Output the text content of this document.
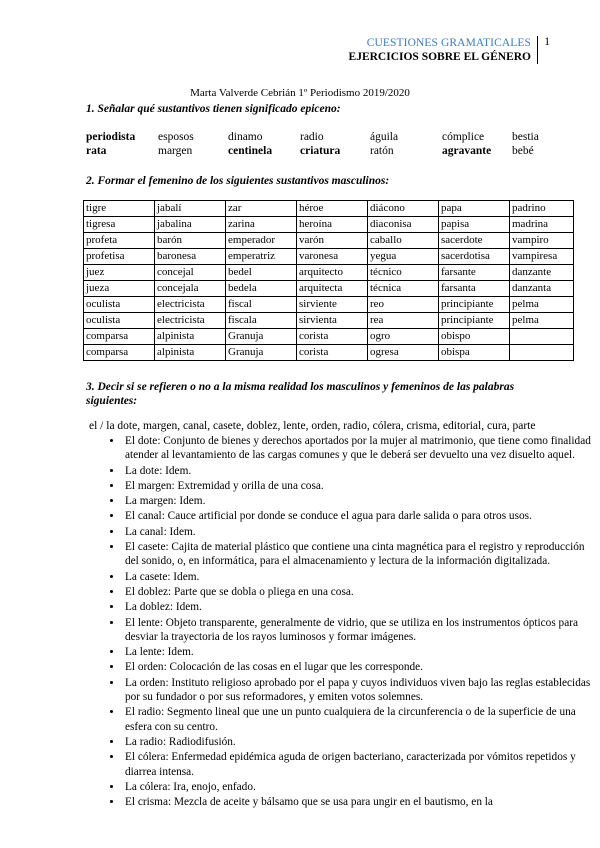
CUESTIONES GRAMATICALES
EJERCICIOS SOBRE EL GÉNERO
1
Marta Valverde Cebrián 1º Periodismo 2019/2020
1. Señalar qué sustantivos tienen significado epiceno:
periodista	esposos	dinamo	radio	águila	cómplice	bestia
rata	margen	centinela	criatura	ratón	agravante	bebé
2. Formar el femenino de los siguientes sustantivos masculinos:
tigre	jabalí	zar	héroe	diácono	papa	padrino
tigresa	jabalina	zarina	heroína	diaconisa	papisa	madrina
profeta	barón	emperador	varón	caballo	sacerdote	vampiro
profetisa	baronesa	emperatriz	varonesa	yegua	sacerdotisa	vampiresa
juez	concejal	bedel	arquitecto	técnico	farsante	danzante
jueza	concejala	bedela	arquitecta	técnica	farsanta	danzanta
oculista	electricista	fiscal	sirviente	reo	principiante	pelma
oculista	electricista	fiscala	sirvienta	rea	principiante	pelma
comparsa	alpinista	Granuja	corista	ogro	obispo	
comparsa	alpinista	Granuja	corista	ogresa	obispa	
3. Decir si se refieren o no a la misma realidad los masculinos y femeninos de las palabras siguientes:
el / la dote, margen, canal, casete, doblez, lente, orden, radio, cólera, crisma, editorial, cura, parte
• El dote: Conjunto de bienes y derechos aportados por la mujer al matrimonio, que tiene como finalidad atender al levantamiento de las cargas comunes y que le deberá ser devuelto una vez disuelto aquel.
• La dote: Idem.
• El margen: Extremidad y orilla de una cosa.
• La margen: Idem.
• El canal: Cauce artificial por donde se conduce el agua para darle salida o para otros usos.
• La canal: Idem.
• El casete: Cajita de material plástico que contiene una cinta magnética para el registro y reproducción del sonido, o, en informática, para el almacenamiento y lectura de la información digitalizada.
• La casete: Idem.
• El doblez: Parte que se dobla o pliega en una cosa.
• La doblez: Idem.
• El lente: Objeto transparente, generalmente de vidrio, que se utiliza en los instrumentos ópticos para desviar la trayectoria de los rayos luminosos y formar imágenes.
• La lente: Idem.
• El orden: Colocación de las cosas en el lugar que les corresponde.
• La orden: Instituto religioso aprobado por el papa y cuyos individuos viven bajo las reglas establecidas por su fundador o por sus reformadores, y emiten votos solemnes.
• El radio: Segmento lineal que une un punto cualquiera de la circunferencia o de la superficie de una esfera con su centro.
• La radio: Radiodifusión.
• El cólera: Enfermedad epidémica aguda de origen bacteriano, caracterizada por vómitos repetidos y diarrea intensa.
• La cólera: Ira, enojo, enfado.
• El crisma: Mezcla de aceite y bálsamo que se usa para ungir en el bautismo, en la
